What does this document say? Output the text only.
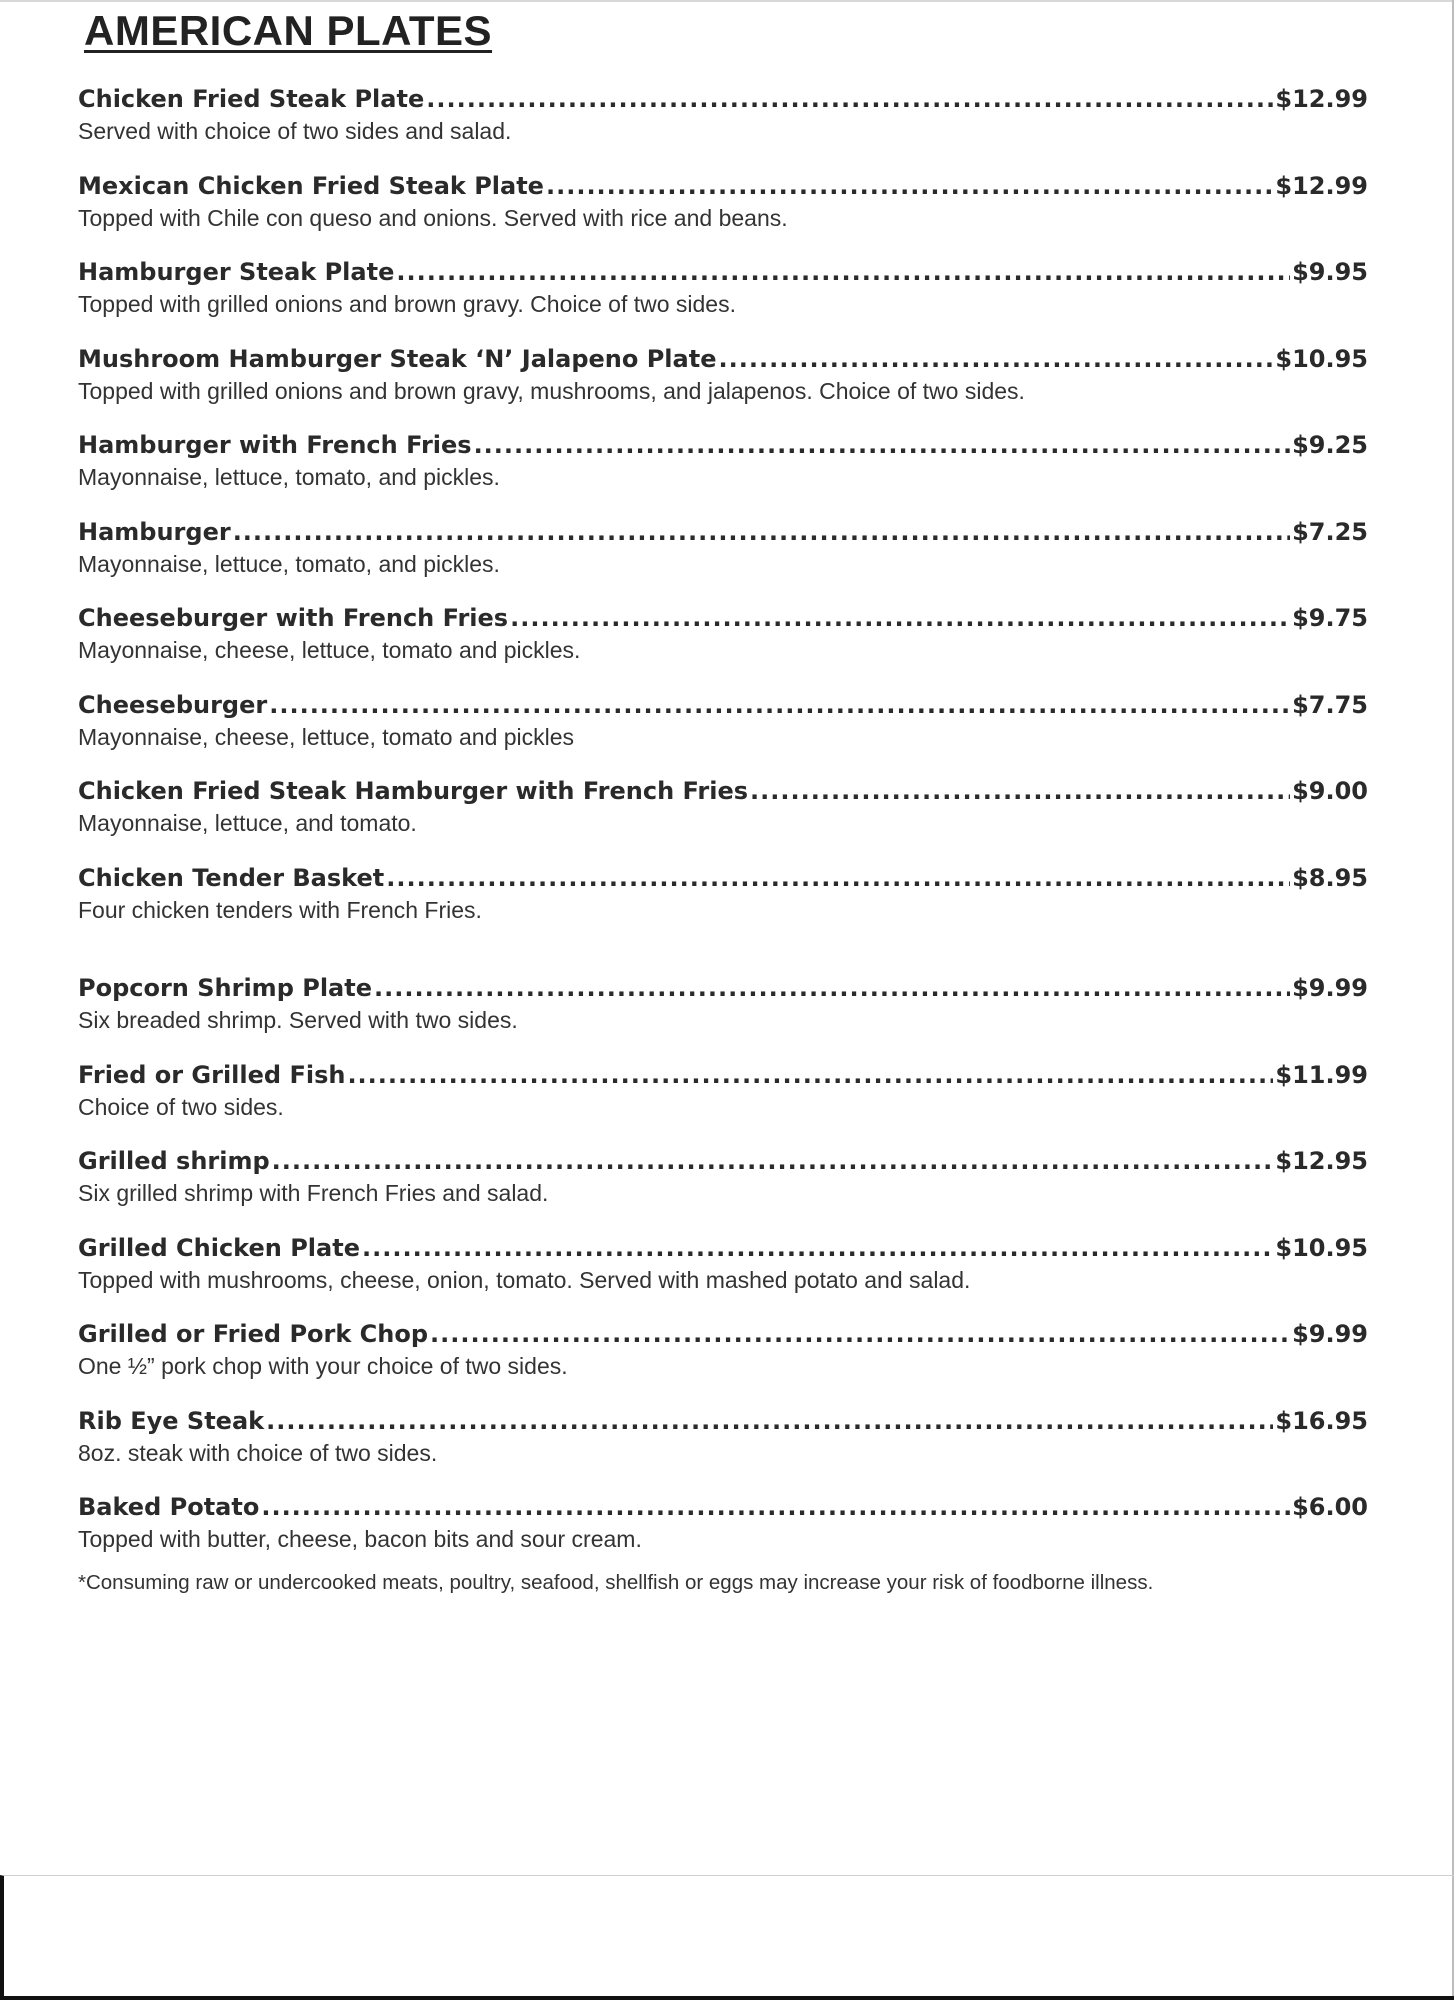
AMERICAN PLATES
Chicken Fried Steak Plate .....	$12.99
Served with choice of two sides and salad.
Mexican Chicken Fried Steak Plate .....	$12.99
Topped with Chile con queso and onions. Served with rice and beans.
Hamburger Steak Plate .....	$9.95
Topped with grilled onions and brown gravy. Choice of two sides.
Mushroom Hamburger Steak ‘N’ Jalapeno Plate .....	$10.95
Topped with grilled onions and brown gravy, mushrooms, and jalapenos. Choice of two sides.
Hamburger with French Fries .....	$9.25
Mayonnaise, lettuce, tomato, and pickles.
Hamburger .....	$7.25
Mayonnaise, lettuce, tomato, and pickles.
Cheeseburger with French Fries .....	$9.75
Mayonnaise, cheese, lettuce, tomato and pickles.
Cheeseburger .....	$7.75
Mayonnaise, cheese, lettuce, tomato and pickles
Chicken Fried Steak Hamburger with French Fries .....	$9.00
Mayonnaise, lettuce, and tomato.
Chicken Tender Basket .....	$8.95
Four chicken tenders with French Fries.
Popcorn Shrimp Plate .....	$9.99
Six breaded shrimp. Served with two sides.
Fried or Grilled Fish .....	$11.99
Choice of two sides.
Grilled shrimp .....	$12.95
Six grilled shrimp with French Fries and salad.
Grilled Chicken Plate .....	$10.95
Topped with mushrooms, cheese, onion, tomato. Served with mashed potato and salad.
Grilled or Fried Pork Chop .....	$9.99
One ½” pork chop with your choice of two sides.
Rib Eye Steak .....	$16.95
8oz. steak with choice of two sides.
Baked Potato .....	$6.00
Topped with butter, cheese, bacon bits and sour cream.
*Consuming raw or undercooked meats, poultry, seafood, shellfish or eggs may increase your risk of foodborne illness.
